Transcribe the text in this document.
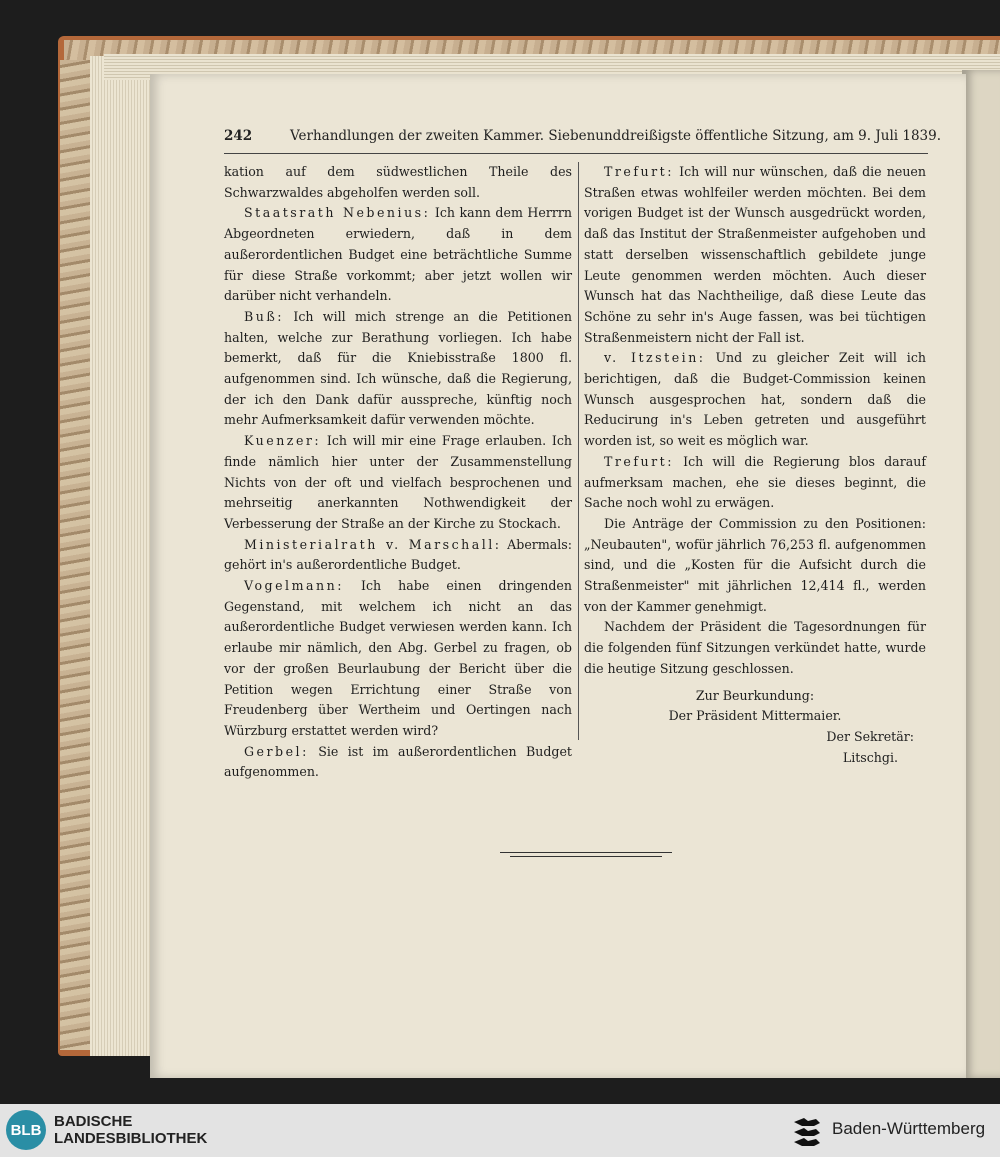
242	Verhandlungen der zweiten Kammer. Siebenunddreißigste öffentliche Sitzung, am 9. Juli 1839.

kation auf dem südwestlichen Theile des Schwarzwaldes abgeholfen werden soll.

Staatsrath Nebenius: Ich kann dem Herrrn Abgeordneten erwiedern, daß in dem außerordentlichen Budget eine beträchtliche Summe für diese Straße vorkommt; aber jetzt wollen wir darüber nicht verhandeln.

Buß: Ich will mich strenge an die Petitionen halten, welche zur Berathung vorliegen. Ich habe bemerkt, daß für die Kniebisstraße 1800 fl. aufgenommen sind. Ich wünsche, daß die Regierung, der ich den Dank dafür ausspreche, künftig noch mehr Aufmerksamkeit dafür verwenden möchte.

Kuenzer: Ich will mir eine Frage erlauben. Ich finde nämlich hier unter der Zusammenstellung Nichts von der oft und vielfach besprochenen und mehrseitig anerkannten Nothwendigkeit der Verbesserung der Straße an der Kirche zu Stockach.

Ministerialrath v. Marschall: Abermals: gehört in's außerordentliche Budget.

Vogelmann: Ich habe einen dringenden Gegenstand, mit welchem ich nicht an das außerordentliche Budget verwiesen werden kann. Ich erlaube mir nämlich, den Abg. Gerbel zu fragen, ob vor der großen Beurlaubung der Bericht über die Petition wegen Errichtung einer Straße von Freudenberg über Wertheim und Oertingen nach Würzburg erstattet werden wird?

Gerbel: Sie ist im außerordentlichen Budget aufgenommen.

Trefurt: Ich will nur wünschen, daß die neuen Straßen etwas wohlfeiler werden möchten. Bei dem vorigen Budget ist der Wunsch ausgedrückt worden, daß das Institut der Straßenmeister aufgehoben und statt derselben wissenschaftlich gebildete junge Leute genommen werden möchten. Auch dieser Wunsch hat das Nachtheilige, daß diese Leute das Schöne zu sehr in's Auge fassen, was bei tüchtigen Straßenmeistern nicht der Fall ist.

v. Itzstein: Und zu gleicher Zeit will ich berichtigen, daß die Budget-Commission keinen Wunsch ausgesprochen hat, sondern daß die Reducirung in's Leben getreten und ausgeführt worden ist, so weit es möglich war.

Trefurt: Ich will die Regierung blos darauf aufmerksam machen, ehe sie dieses beginnt, die Sache noch wohl zu erwägen.

Die Anträge der Commission zu den Positionen: „Neubauten", wofür jährlich 76,253 fl. aufgenommen sind, und die „Kosten für die Aufsicht durch die Straßenmeister" mit jährlichen 12,414 fl., werden von der Kammer genehmigt.

Nachdem der Präsident die Tagesordnungen für die folgenden fünf Sitzungen verkündet hatte, wurde die heutige Sitzung geschlossen.

Zur Beurkundung:

Der Präsident Mittermaier.

Der Sekretär:

Litschgi.

BLB BADISCHE
LANDESBIBLIOTHEK
Baden-Württemberg
